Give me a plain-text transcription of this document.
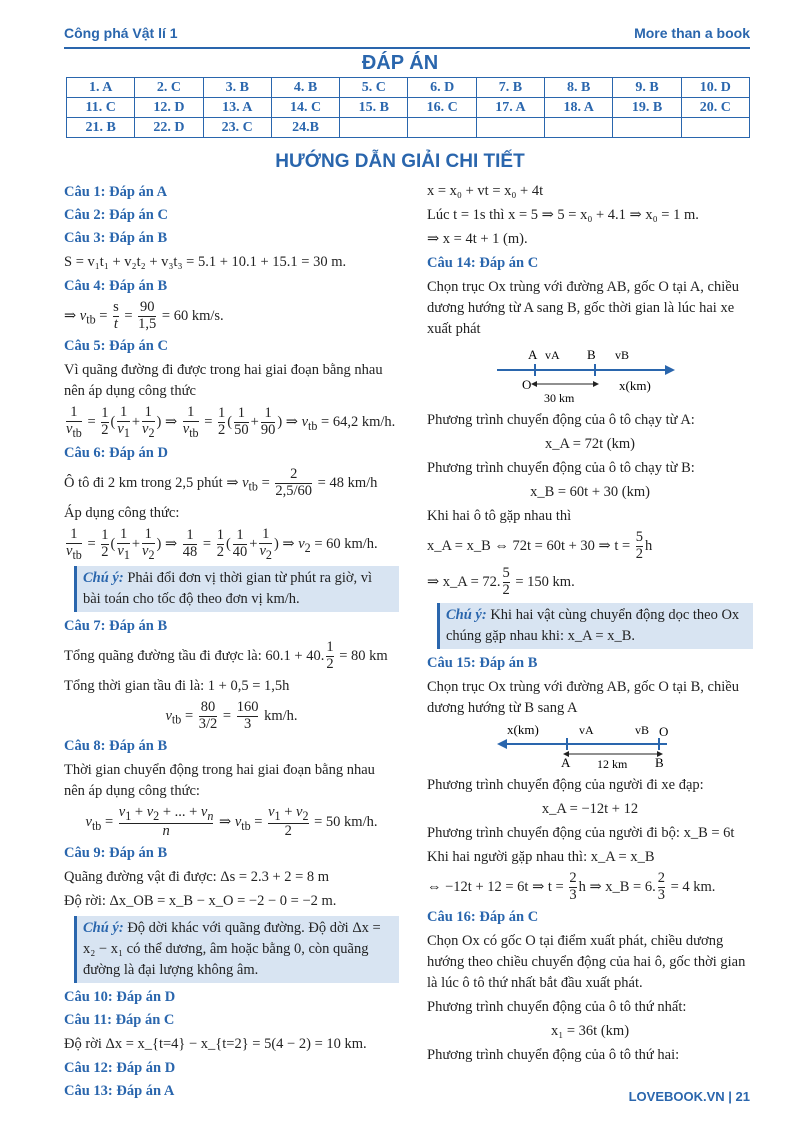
Công phá Vật lí 1	More than a book
ĐÁP ÁN
1. A	2. C	3. B	4. B	5. C	6. D	7. B	8. B	9. B	10. D
11. C	12. D	13. A	14. C	15. B	16. C	17. A	18. A	19. B	20. C
21. B	22. D	23. C	24.B						
HƯỚNG DẪN GIẢI CHI TIẾT
Câu 1: Đáp án A
Câu 2: Đáp án C
Câu 3: Đáp án B

S = v₁t₁ + v₂t₂ + v₃t₃ = 5.1 + 10.1 + 15.1 = 30 m.

Câu 4: Đáp án B

⇒ $v_{tb} = \frac{s}{t} = \frac{90}{1,5} = 60$ km/s.

Câu 5: Đáp án C

Vì quãng đường đi được trong hai giai đoạn bằng nhau nên áp dụng công thức

$\frac{1}{v_{tb}} = \frac{1}{2}$ ( $\frac{1}{v_1} + \frac{1}{v_2}$ ) ⇒ $\frac{1}{v_{tb}} = \frac{1}{2}$ ( $\frac{1}{50} + \frac{1}{90}$ ) ⇒ $v_{tb} = 64,2$ km/h.

Câu 6: Đáp án D

Ô tô đi 2 km trong 2,5 phút ⇒ $v_{tb} = \frac{2}{2,5/60} = 48$ km/h

Áp dụng công thức:

$\frac{1}{v_{tb}} = \frac{1}{2}$ ( $\frac{1}{v_1} + \frac{1}{v_2}$ ) ⇒ $\frac{1}{48} = \frac{1}{2}$ ( $\frac{1}{40} + \frac{1}{v_2}$ ) ⇒ $v_2 = 60$ km/h.

Chú ý: Phải đổi đơn vị thời gian từ phút ra giờ, vì bài toán cho tốc độ theo đơn vị km/h.
Câu 7: Đáp án B

Tổng quãng đường tầu đi được là: 60.1 + 40. $\frac{1}{2} = 80$ km

Tổng thời gian tầu đi là: 1 + 0,5 = 1,5h

$v_{tb} = \frac{80}{3/2} = \frac{160}{3} km/h$.

Câu 8: Đáp án B

Thời gian chuyển động trong hai giai đoạn bằng nhau nên áp dụng công thức:

$v_{tb} = \frac{v_1 + v_2 + ... + v_n}{n}$ ⇒ $v_{tb} = \frac{v_1 + v_2}{2} = 50$ km/h.

Câu 9: Đáp án B

Quãng đường vật đi được: Δs = 2.3 + 2 = 8 m

Độ rời: Δx_OB = x_B − x_O = −2 − 0 = −2 m.

Chú ý: Độ dời khác với quãng đường. Độ dời Δx = x₂ − x₁ có thể dương, âm hoặc bằng 0, còn quãng đường là đại lượng không âm.
Câu 10: Đáp án D
Câu 11: Đáp án C

Độ rời Δx = x_{t=4} − x_{t=2} = 5(4 − 2) = 10 km.

Câu 12: Đáp án D
Câu 13: Đáp án A

x = x₀ + vt = x₀ + 4t

Lúc t = 1s thì x = 5 ⇒ 5 = x₀ + 4.1 ⇒ x₀ = 1 m.

⇒ x = 4t + 1 (m).

Câu 14: Đáp án C

Chọn trục Ox trùng với đường AB, gốc O tại A, chiều dương hướng từ A sang B, gốc thời gian là lúc hai xe xuất phát

A vA B vB
O	x(km)
30 km

Phương trình chuyển động của ô tô chạy từ A:

x_A = 72t (km)

Phương trình chuyển động của ô tô chạy từ B:

x_B = 60t + 30 (km)

Khi hai ô tô gặp nhau thì

x_A = x_B ⇔ 72t = 60t + 30 ⇒ $t = \frac{5}{2}$ h

⇒ x_A = 72. $\frac{5}{2} = 150$ km.

Chú ý: Khi hai vật cùng chuyển động dọc theo Ox chúng gặp nhau khi: x_A = x_B.
Câu 15: Đáp án B

Chọn trục Ox trùng với đường AB, gốc O tại B, chiều dương hướng từ B sang A

x(km)	vA	vB O
A 12 km B

Phương trình chuyển động của người đi xe đạp:

x_A = −12t + 12

Phương trình chuyển động của người đi bộ: x_B = 6t

Khi hai người gặp nhau thì: x_A = x_B

⇔ −12t + 12 = 6t ⇒ $t = \frac{2}{3}$ h ⇒ x_B = 6. $\frac{2}{3} = 4$ km.

Câu 16: Đáp án C

Chọn Ox có gốc O tại điểm xuất phát, chiều dương hướng theo chiều chuyển động của hai ô, gốc thời gian là lúc ô tô thứ nhất bắt đầu xuất phát.

Phương trình chuyển động của ô tô thứ nhất:

x₁ = 36t (km)

Phương trình chuyển động của ô tô thứ hai:

LOVEBOOK.VN | 21
